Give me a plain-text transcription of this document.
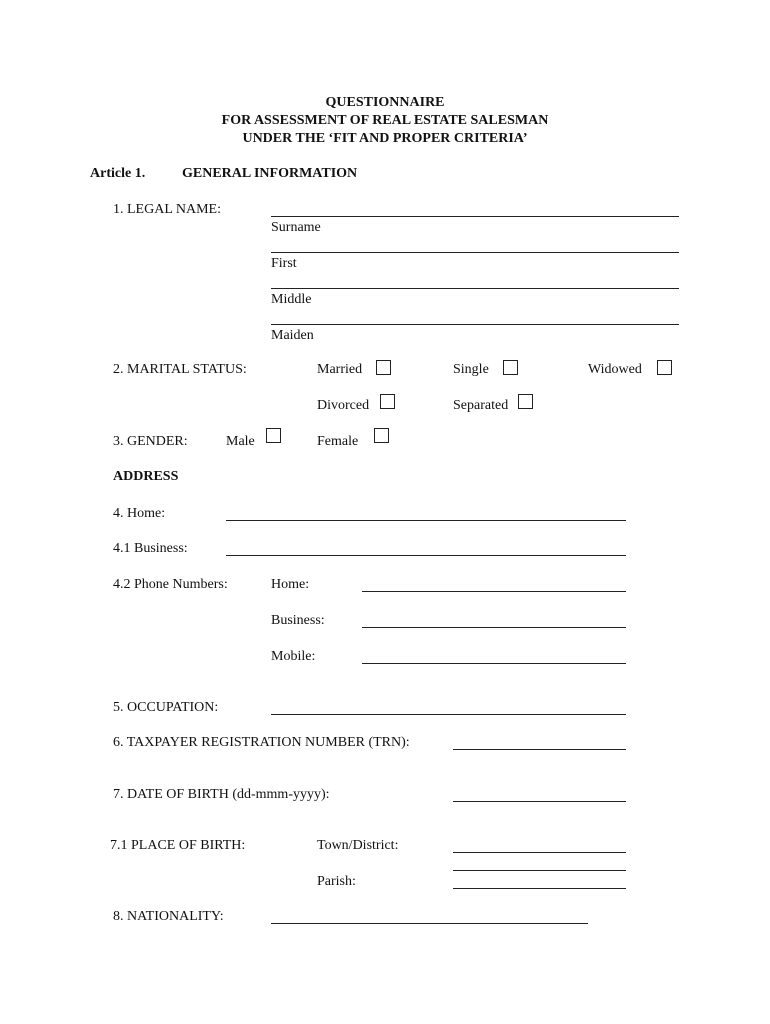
QUESTIONNAIRE
FOR ASSESSMENT OF REAL ESTATE SALESMAN
UNDER THE ‘FIT AND PROPER CRITERIA’
Article 1.	GENERAL INFORMATION
1. LEGAL NAME:
Surname
First
Middle
Maiden
2. MARITAL STATUS:	Married	Single	Widowed
Divorced	Separated
3. GENDER:	Male	Female
ADDRESS
4. Home:
4.1 Business:
4.2 Phone Numbers:	Home:
Business:
Mobile:
5. OCCUPATION:
6. TAXPAYER REGISTRATION NUMBER (TRN):
7. DATE OF BIRTH (dd-mmm-yyyy):
7.1 PLACE OF BIRTH:	Town/District:
Parish:
8. NATIONALITY:
